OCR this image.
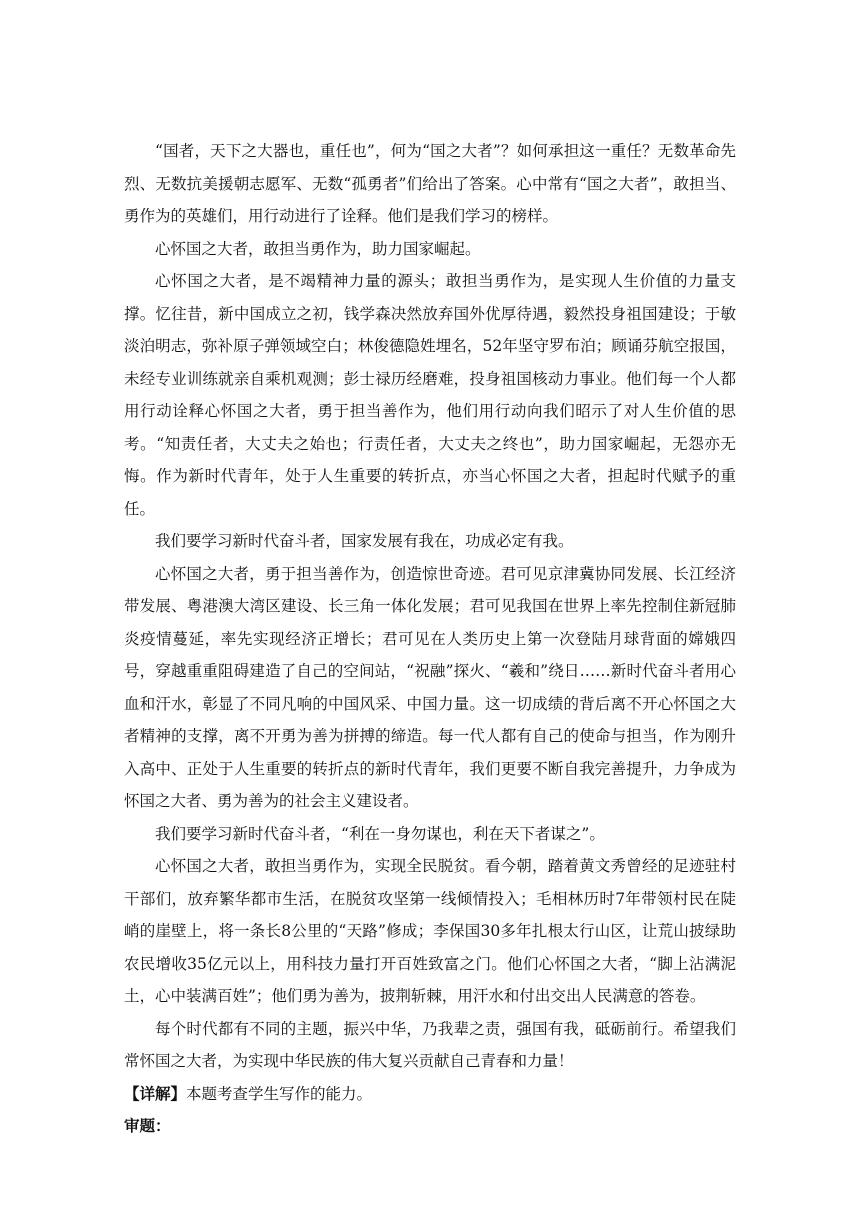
“国者，天下之大器也，重任也”，何为“国之大者”？如何承担这一重任？无数革命先烈、无数抗美援朝志愿军、无数“孤勇者”们给出了答案。心中常有“国之大者”，敢担当、勇作为的英雄们，用行动进行了诠释。他们是我们学习的榜样。

心怀国之大者，敢担当勇作为，助力国家崛起。

心怀国之大者，是不竭精神力量的源头；敢担当勇作为，是实现人生价值的力量支撑。忆往昔，新中国成立之初，钱学森决然放弃国外优厚待遇，毅然投身祖国建设；于敏淡泊明志，弥补原子弹领域空白；林俊德隐姓埋名，52年坚守罗布泊；顾诵芬航空报国，未经专业训练就亲自乘机观测；彭士禄历经磨难，投身祖国核动力事业。他们每一个人都用行动诠释心怀国之大者，勇于担当善作为，他们用行动向我们昭示了对人生价值的思考。“知责任者，大丈夫之始也；行责任者，大丈夫之终也”，助力国家崛起，无怨亦无悔。作为新时代青年，处于人生重要的转折点，亦当心怀国之大者，担起时代赋予的重任。

我们要学习新时代奋斗者，国家发展有我在，功成必定有我。

心怀国之大者，勇于担当善作为，创造惊世奇迹。君可见京津冀协同发展、长江经济带发展、粤港澳大湾区建设、长三角一体化发展；君可见我国在世界上率先控制住新冠肺炎疫情蔓延，率先实现经济正增长；君可见在人类历史上第一次登陆月球背面的嫦娥四号，穿越重重阻碍建造了自己的空间站，“祝融”探火、“羲和”绕日……新时代奋斗者用心血和汗水，彰显了不同凡响的中国风采、中国力量。这一切成绩的背后离不开心怀国之大者精神的支撑，离不开勇为善为拼搏的缔造。每一代人都有自己的使命与担当，作为刚升入高中、正处于人生重要的转折点的新时代青年，我们更要不断自我完善提升，力争成为怀国之大者、勇为善为的社会主义建设者。

我们要学习新时代奋斗者，“利在一身勿谋也，利在天下者谋之”。

心怀国之大者，敢担当勇作为，实现全民脱贫。看今朝，踏着黄文秀曾经的足迹驻村干部们，放弃繁华都市生活，在脱贫攻坚第一线倾情投入；毛相林历时7年带领村民在陡峭的崖壁上，将一条长8公里的“天路”修成；李保国30多年扎根太行山区，让荒山披绿助农民增收35亿元以上，用科技力量打开百姓致富之门。他们心怀国之大者，“脚上沾满泥土，心中装满百姓”；他们勇为善为，披荆斩棘，用汗水和付出交出人民满意的答卷。

每个时代都有不同的主题，振兴中华，乃我辈之责，强国有我，砥砺前行。希望我们常怀国之大者，为实现中华民族的伟大复兴贡献自己青春和力量！

【详解】本题考查学生写作的能力。

审题：
